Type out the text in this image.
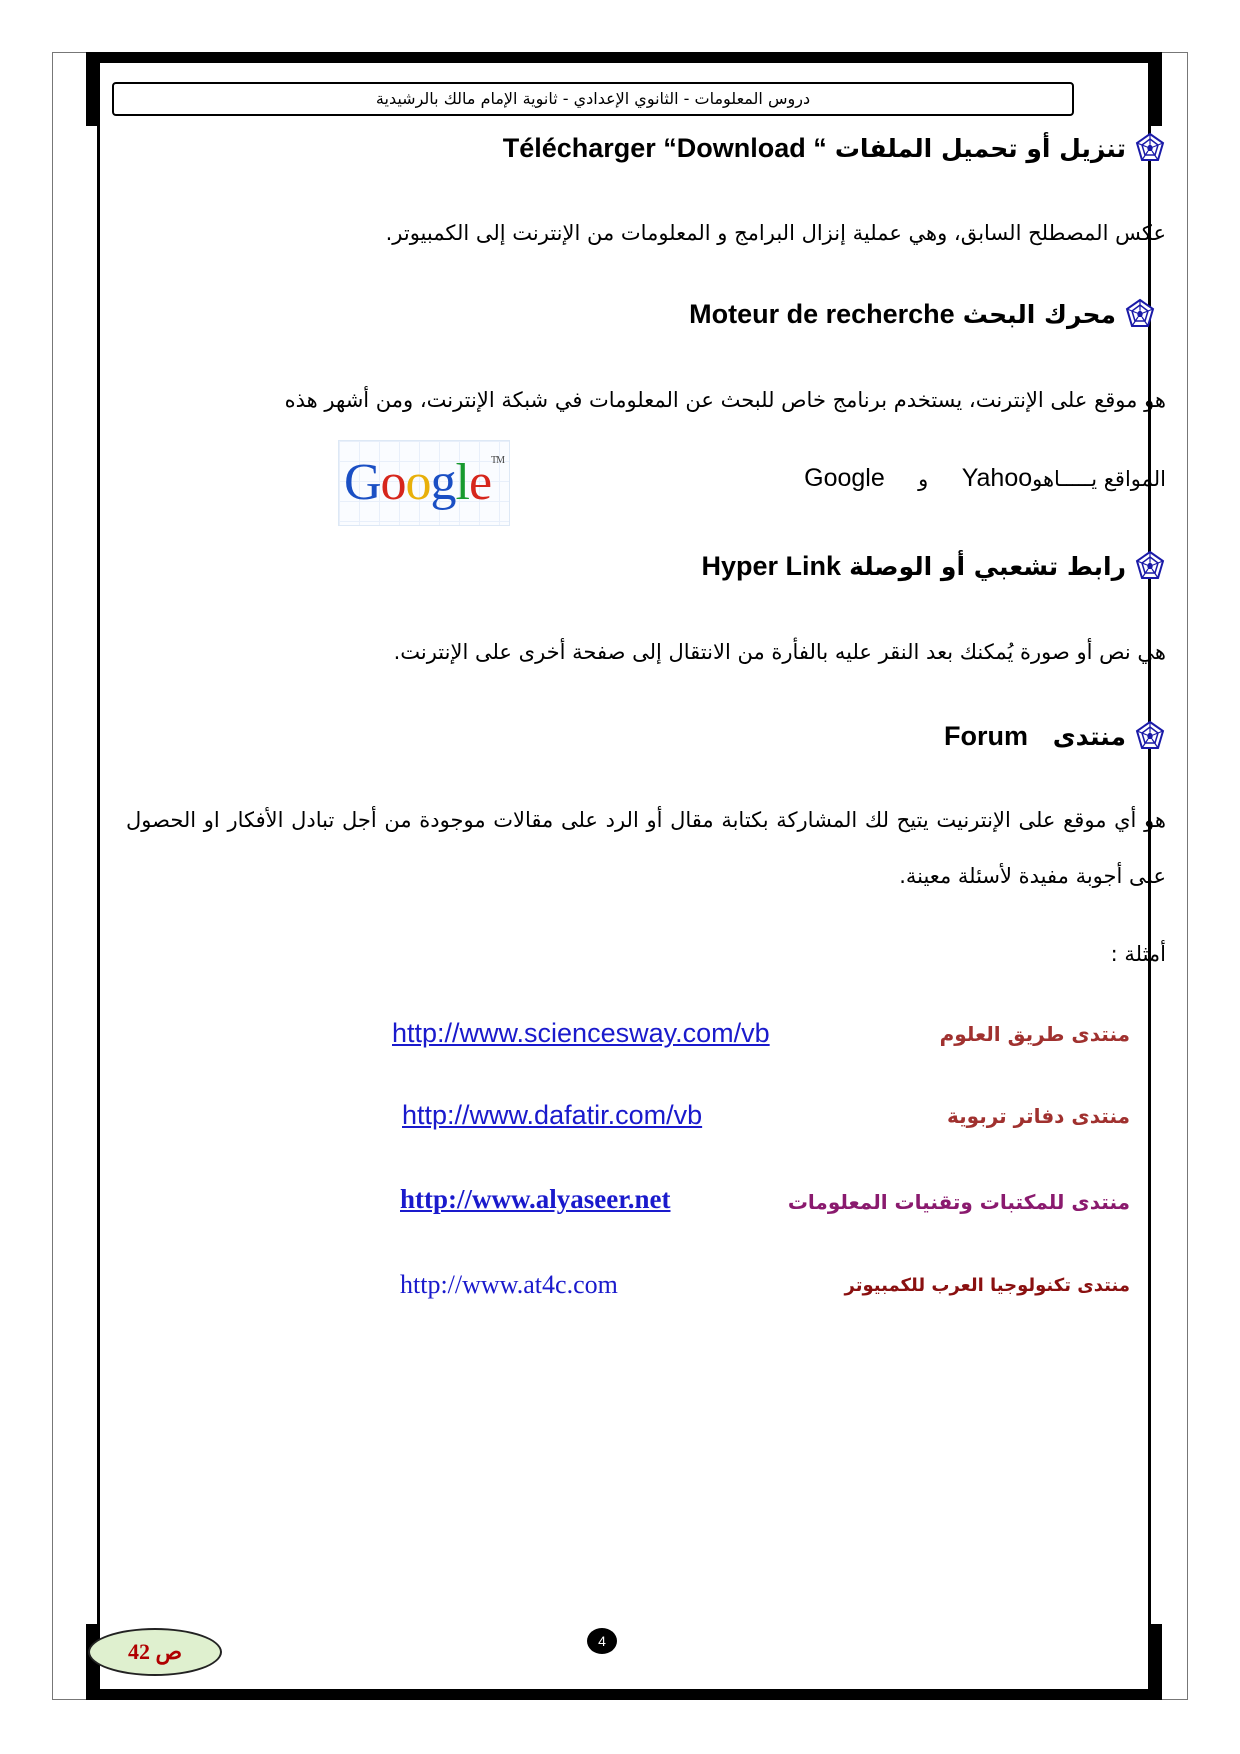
دروس المعلومات - الثانوي الإعدادي - ثانوية الإمام مالك بالرشيدية
تنزيل أو تحميل الملفات
Télécharger “Download “
عكس المصطلح السابق، وهي عملية إنزال البرامج و المعلومات من الإنترنت إلى الكمبيوتر.
محرك البحث
Moteur de recherche
هو موقع على الإنترنت، يستخدم برنامج خاص للبحث عن المعلومات في شبكة الإنترنت، ومن أشهر هذه
المواقع يـــــاهوYahoo     و     Google
Google™
رابط تشعبي أو الوصلة
Hyper Link
هي نص أو صورة يُمكنك بعد النقر عليه بالفأرة من الانتقال إلى صفحة أخرى على الإنترنت.
منتدى

Forum
هو أي موقع على الإنترنيت يتيح لك المشاركة بكتابة مقال أو الرد على مقالات موجودة من أجل تبادل الأفكار او الحصول على أجوبة مفيدة لأسئلة معينة.
أمثلة :
منتدى طريق العلوم
http://www.sciencesway.com/vb
منتدى دفاتر تربوية
http://www.dafatir.com/vb
منتدى للمكتبات وتقنيات المعلومات
http://www.alyaseer.net
منتدى تكنولوجيا العرب للكمبيوتر
http://www.at4c.com
ص 42	4
